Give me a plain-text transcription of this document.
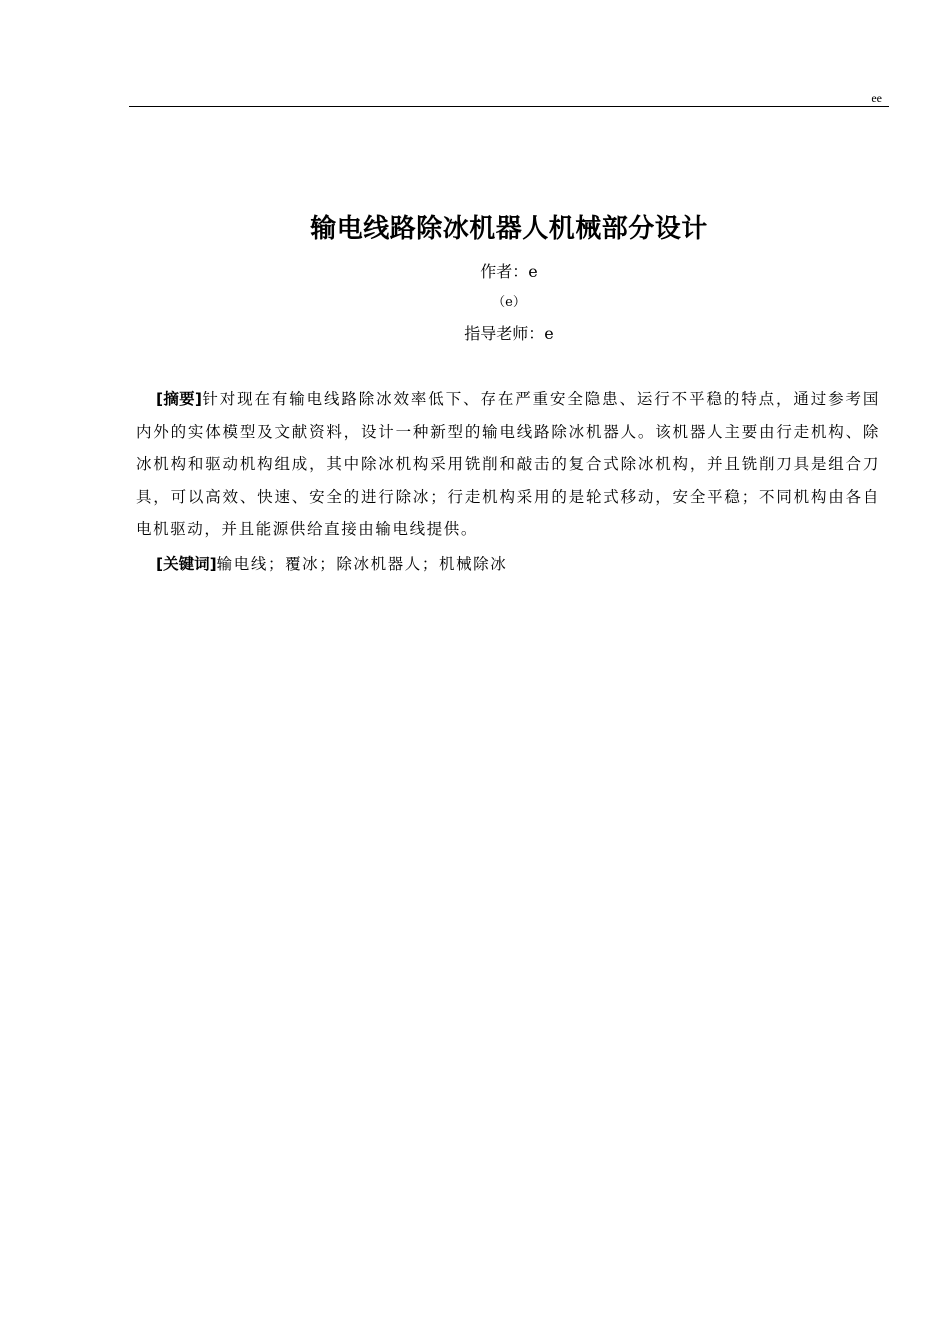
ee
输电线路除冰机器人机械部分设计
作者：e
（e）
指导老师：e
[摘要]针对现在有输电线路除冰效率低下、存在严重安全隐患、运行不平稳的特点，通过参考国内外的实体模型及文献资料，设计一种新型的输电线路除冰机器人。该机器人主要由行走机构、除冰机构和驱动机构组成，其中除冰机构采用铣削和敲击的复合式除冰机构，并且铣削刀具是组合刀具，可以高效、快速、安全的进行除冰；行走机构采用的是轮式移动，安全平稳；不同机构由各自电机驱动，并且能源供给直接由输电线提供。
[关键词]输电线；覆冰；除冰机器人；机械除冰
